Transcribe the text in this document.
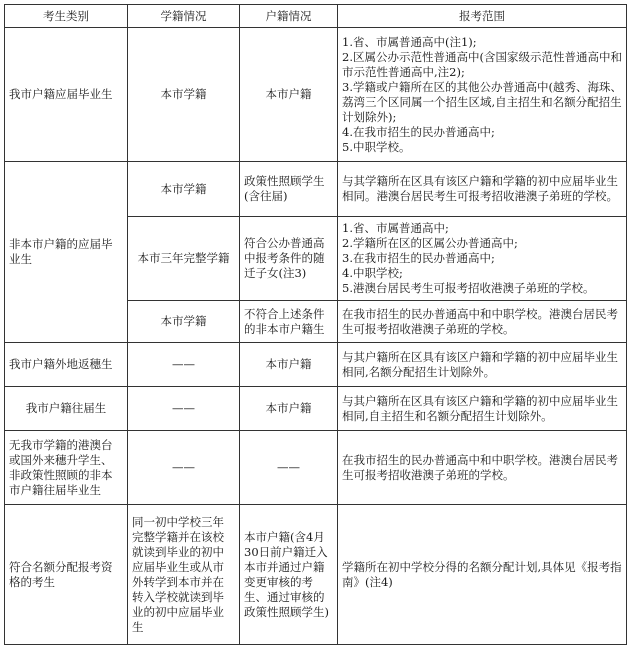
考生类别	学籍情况	户籍情况	报考范围
我市户籍应届毕业生	本市学籍	本市户籍	1.省、市属普通高中(注1);
2.区属公办示范性普通高中(含国家级示范性普通高中和市示范性普通高中,注2);
3.学籍或户籍所在区的其他公办普通高中(越秀、海珠、荔湾三个区同属一个招生区域,自主招生和名额分配招生计划除外);
4.在我市招生的民办普通高中;
5.中职学校。

非本市户籍的应届毕业生	本市学籍	政策性照顾学生(含往届)	与其学籍所在区具有该区户籍和学籍的初中应届毕业生相同。港澳台居民考生可报考招收港澳子弟班的学校。
	本市三年完整学籍	符合公办普通高中报考条件的随迁子女(注3)	1.省、市属普通高中;
2.学籍所在区的区属公办普通高中;
3.在我市招生的民办普通高中;
4.中职学校;
5.港澳台居民考生可报考招收港澳子弟班的学校。

	本市学籍	不符合上述条件的非本市户籍生	在我市招生的民办普通高中和中职学校。港澳台居民考生可报考招收港澳子弟班的学校。
我市户籍外地返穗生	——	本市户籍	与其户籍所在区具有该区户籍和学籍的初中应届毕业生相同,名额分配招生计划除外。
我市户籍往届生	——	本市户籍	与其户籍所在区具有该区户籍和学籍的初中应届毕业生相同,自主招生和名额分配招生计划除外。
无我市学籍的港澳台或国外来穗升学生、非政策性照顾的非本市户籍往届毕业生	——	——	在我市招生的民办普通高中和中职学校。港澳台居民考生可报考招收港澳子弟班的学校。
符合名额分配报考资格的考生	同一初中学校三年完整学籍并在该校就读到毕业的初中应届毕业生或从市外转学到本市并在转入学校就读到毕业的初中应届毕业生	本市户籍(含4月30日前户籍迁入本市并通过户籍变更审核的考生、通过审核的政策性照顾学生)	学籍所在初中学校分得的名额分配计划,具体见《报考指南》(注4)
